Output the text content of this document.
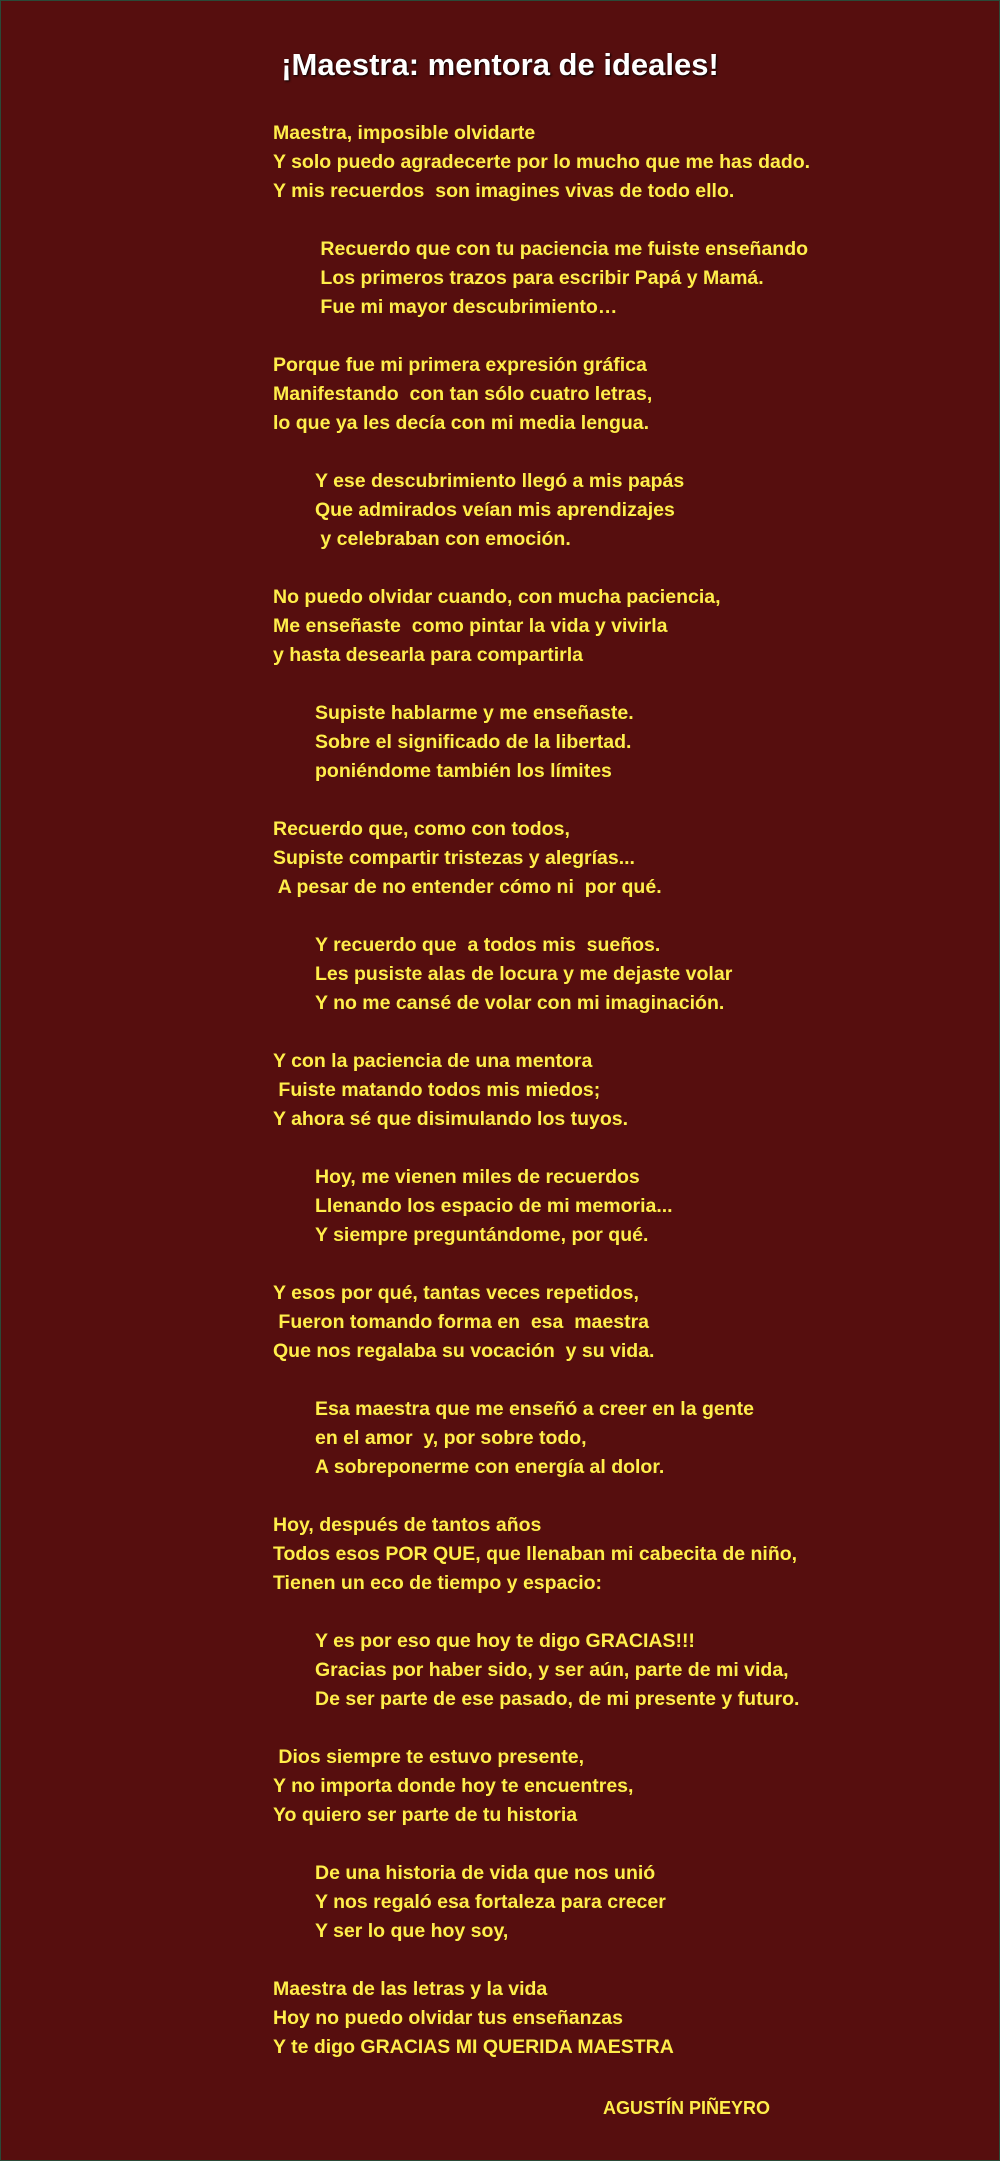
¡Maestra: mentora de ideales!
Maestra, imposible olvidarte
Y solo puedo agradecerte por lo mucho que me has dado.
Y mis recuerdos  son imagines vivas de todo ello.
Recuerdo que con tu paciencia me fuiste enseñando
Los primeros trazos para escribir Papá y Mamá.
Fue mi mayor descubrimiento…
Porque fue mi primera expresión gráfica
Manifestando  con tan sólo cuatro letras,
lo que ya les decía con mi media lengua.
Y ese descubrimiento llegó a mis papás
Que admirados veían mis aprendizajes
y celebraban con emoción.
No puedo olvidar cuando, con mucha paciencia,
Me enseñaste  como pintar la vida y vivirla
y hasta desearla para compartirla
Supiste hablarme y me enseñaste.
Sobre el significado de la libertad.
poniéndome también los límites
Recuerdo que, como con todos,
Supiste compartir tristezas y alegrías...
A pesar de no entender cómo ni  por qué.
Y recuerdo que  a todos mis  sueños.
Les pusiste alas de locura y me dejaste volar
Y no me cansé de volar con mi imaginación.
Y con la paciencia de una mentora
Fuiste matando todos mis miedos;
Y ahora sé que disimulando los tuyos.
Hoy, me vienen miles de recuerdos
Llenando los espacio de mi memoria...
Y siempre preguntándome, por qué.
Y esos por qué, tantas veces repetidos,
Fueron tomando forma en  esa  maestra
Que nos regalaba su vocación  y su vida.
Esa maestra que me enseñó a creer en la gente
en el amor  y, por sobre todo,
A sobreponerme con energía al dolor.
Hoy, después de tantos años
Todos esos POR QUE, que llenaban mi cabecita de niño,
Tienen un eco de tiempo y espacio:
Y es por eso que hoy te digo GRACIAS!!!
Gracias por haber sido, y ser aún, parte de mi vida,
De ser parte de ese pasado, de mi presente y futuro.
Dios siempre te estuvo presente,
Y no importa donde hoy te encuentres,
Yo quiero ser parte de tu historia
De una historia de vida que nos unió
Y nos regaló esa fortaleza para crecer
Y ser lo que hoy soy,
Maestra de las letras y la vida
Hoy no puedo olvidar tus enseñanzas
Y te digo GRACIAS MI QUERIDA MAESTRA
AGUSTÍN PIÑEYRO
